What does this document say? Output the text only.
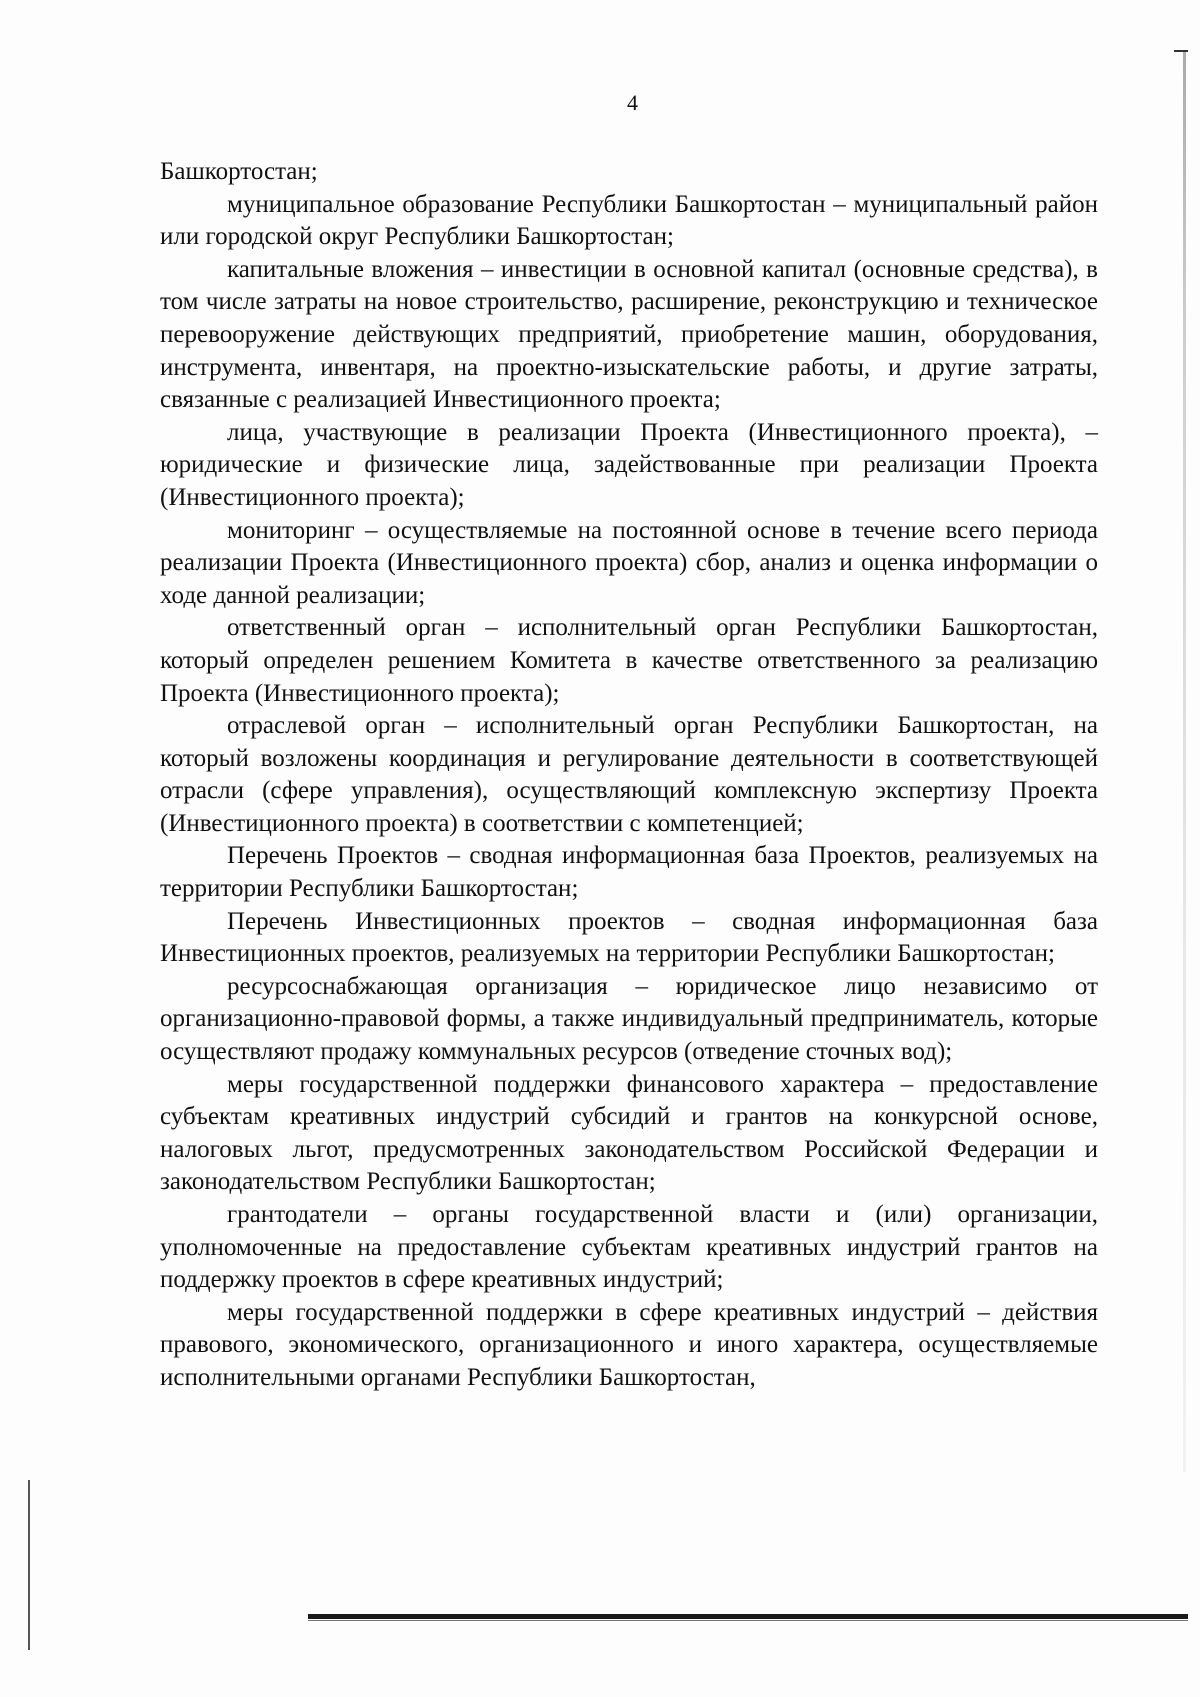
4

Башкортостан;

муниципальное образование Республики Башкортостан – муниципальный район или городской округ Республики Башкортостан;

капитальные вложения – инвестиции в основной капитал (основные средства), в том числе затраты на новое строительство, расширение, реконструкцию и техническое перевооружение действующих предприятий, приобретение машин, оборудования, инструмента, инвентаря, на проектно-изыскательские работы, и другие затраты, связанные с реализацией Инвестиционного проекта;

лица, участвующие в реализации Проекта (Инвестиционного проекта), – юридические и физические лица, задействованные при реализации Проекта (Инвестиционного проекта);

мониторинг – осуществляемые на постоянной основе в течение всего периода реализации Проекта (Инвестиционного проекта) сбор, анализ и оценка информации о ходе данной реализации;

ответственный орган – исполнительный орган Республики Башкортостан, который определен решением Комитета в качестве ответственного за реализацию Проекта (Инвестиционного проекта);

отраслевой орган – исполнительный орган Республики Башкортостан, на который возложены координация и регулирование деятельности в соответствующей отрасли (сфере управления), осуществляющий комплексную экспертизу Проекта (Инвестиционного проекта) в соответствии с компетенцией;

Перечень Проектов – сводная информационная база Проектов, реализуемых на территории Республики Башкортостан;

Перечень Инвестиционных проектов – сводная информационная база Инвестиционных проектов, реализуемых на территории Республики Башкортостан;

ресурсоснабжающая организация – юридическое лицо независимо от организационно-правовой формы, а также индивидуальный предприниматель, которые осуществляют продажу коммунальных ресурсов (отведение сточных вод);

меры государственной поддержки финансового характера – предоставление субъектам креативных индустрий субсидий и грантов на конкурсной основе, налоговых льгот, предусмотренных законодательством Российской Федерации и законодательством Республики Башкортостан;

грантодатели – органы государственной власти и (или) организации, уполномоченные на предоставление субъектам креативных индустрий грантов на поддержку проектов в сфере креативных индустрий;

меры государственной поддержки в сфере креативных индустрий – действия правового, экономического, организационного и иного характера, осуществляемые исполнительными органами Республики Башкортостан,
